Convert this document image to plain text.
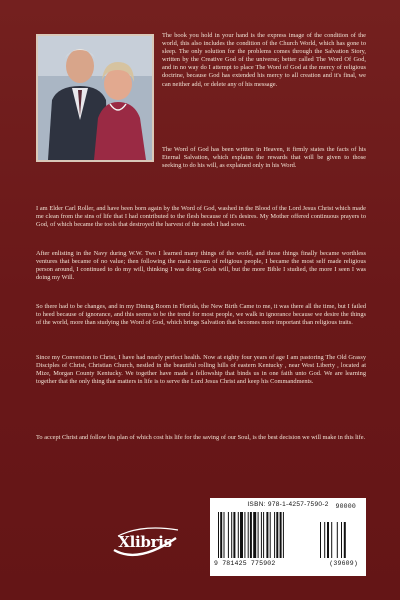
The book you hold in your hand is the express image of the condition of the world, this also includes the condition of the Church World, which has gone to sleep. The only solution for the problems comes through the Salvation Story, written by the Creative God of the universe; better called The Word Of God, and in no way do I attempt to place The Word of God at the mercy of religious doctrine, because God has extended his mercy to all creation and it's final, we can neither add, or delete any of his message.
The Word of God has been written in Heaven, it firmly states the facts of his Eternal Salvation, which explains the rewards that will be given to those seeking to do his will, as explained only in his Word.
I am Elder Carl Roller, and have been born again by the Word of God, washed in the Blood of the Lord Jesus Christ which made me clean from the sins of life that I had contributed to the flesh because of it's desires. My Mother offered continuous prayers to God, of which became the tools that destroyed the harvest of the seeds I had sown.
After enlisting in the Navy during W.W. Two I learned many things of the world, and those things finally became worthless ventures that became of no value; then following the main stream of religious people, I became the most self made religious person around, I continued to do my will, thinking I was doing Gods will, but the more Bible I studied, the more I seen I was doing my Will.
So there had to be changes, and in my Dining Room in Florida, the New Birth Came to me, it was there all the time, but I failed to heed because of ignorance, and this seems to be the trend for most people, we walk in ignorance because we desire the things of the world, more than studying the Word of God, which brings Salvation that becomes more important than religious traits.
Since my Conversion to Christ, I have had nearly perfect health. Now at eighty four years of age I am pastoring The Old Grassy Disciples of Christ, Christian Church, nestled in the beautiful rolling hills of eastern Kentucky , near West Liberty , located at Mize, Morgan County Kentucky. We together have made a fellowship that binds us in one faith unto God. We are learning together that the only thing that matters in life is to serve the Lord Jesus Christ and keep his Commandments.
To accept Christ and follow his plan of which cost his life for the saving of our Soul, is the best decision we will make in this life.
Xlibris
ISBN: 978-1-4257-7590-2
9 781425 775902	(39609)
90000
